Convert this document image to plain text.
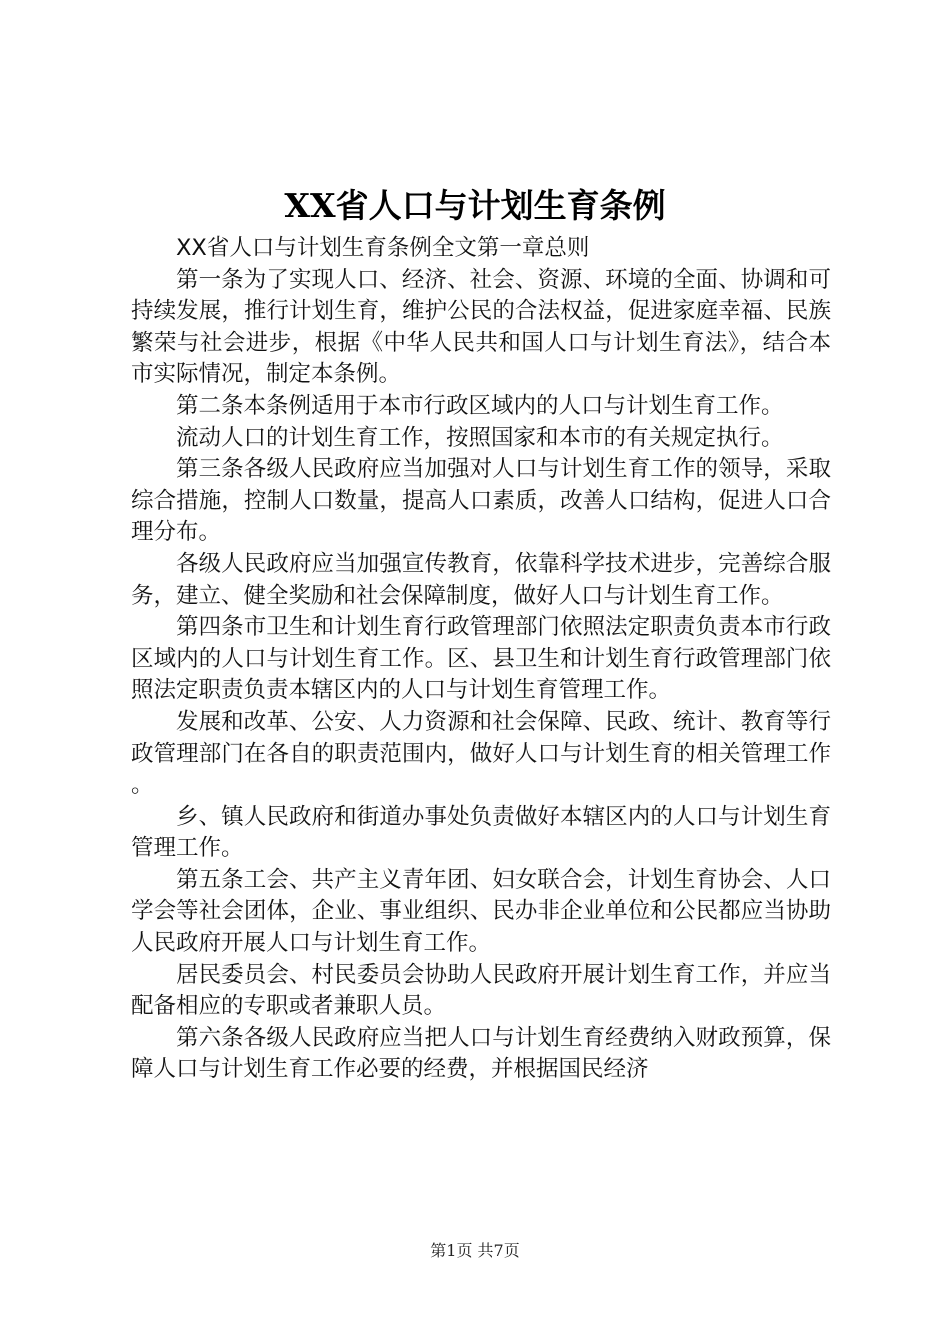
XX省人口与计划生育条例

XX省人口与计划生育条例全文第一章总则

第一条为了实现人口、经济、社会、资源、环境的全面、协调和可持续发展，推行计划生育，维护公民的合法权益，促进家庭幸福、民族繁荣与社会进步，根据《中华人民共和国人口与计划生育法》，结合本市实际情况，制定本条例。

第二条本条例适用于本市行政区域内的人口与计划生育工作。

流动人口的计划生育工作，按照国家和本市的有关规定执行。

第三条各级人民政府应当加强对人口与计划生育工作的领导，采取综合措施，控制人口数量，提高人口素质，改善人口结构，促进人口合理分布。

各级人民政府应当加强宣传教育，依靠科学技术进步，完善综合服务，建立、健全奖励和社会保障制度，做好人口与计划生育工作。

第四条市卫生和计划生育行政管理部门依照法定职责负责本市行政区域内的人口与计划生育工作。区、县卫生和计划生育行政管理部门依照法定职责负责本辖区内的人口与计划生育管理工作。

发展和改革、公安、人力资源和社会保障、民政、统计、教育等行政管理部门在各自的职责范围内，做好人口与计划生育的相关管理工作。

乡、镇人民政府和街道办事处负责做好本辖区内的人口与计划生育管理工作。

第五条工会、共产主义青年团、妇女联合会，计划生育协会、人口学会等社会团体，企业、事业组织、民办非企业单位和公民都应当协助人民政府开展人口与计划生育工作。

居民委员会、村民委员会协助人民政府开展计划生育工作，并应当配备相应的专职或者兼职人员。

第六条各级人民政府应当把人口与计划生育经费纳入财政预算，保障人口与计划生育工作必要的经费，并根据国民经济

第1页 共7页
